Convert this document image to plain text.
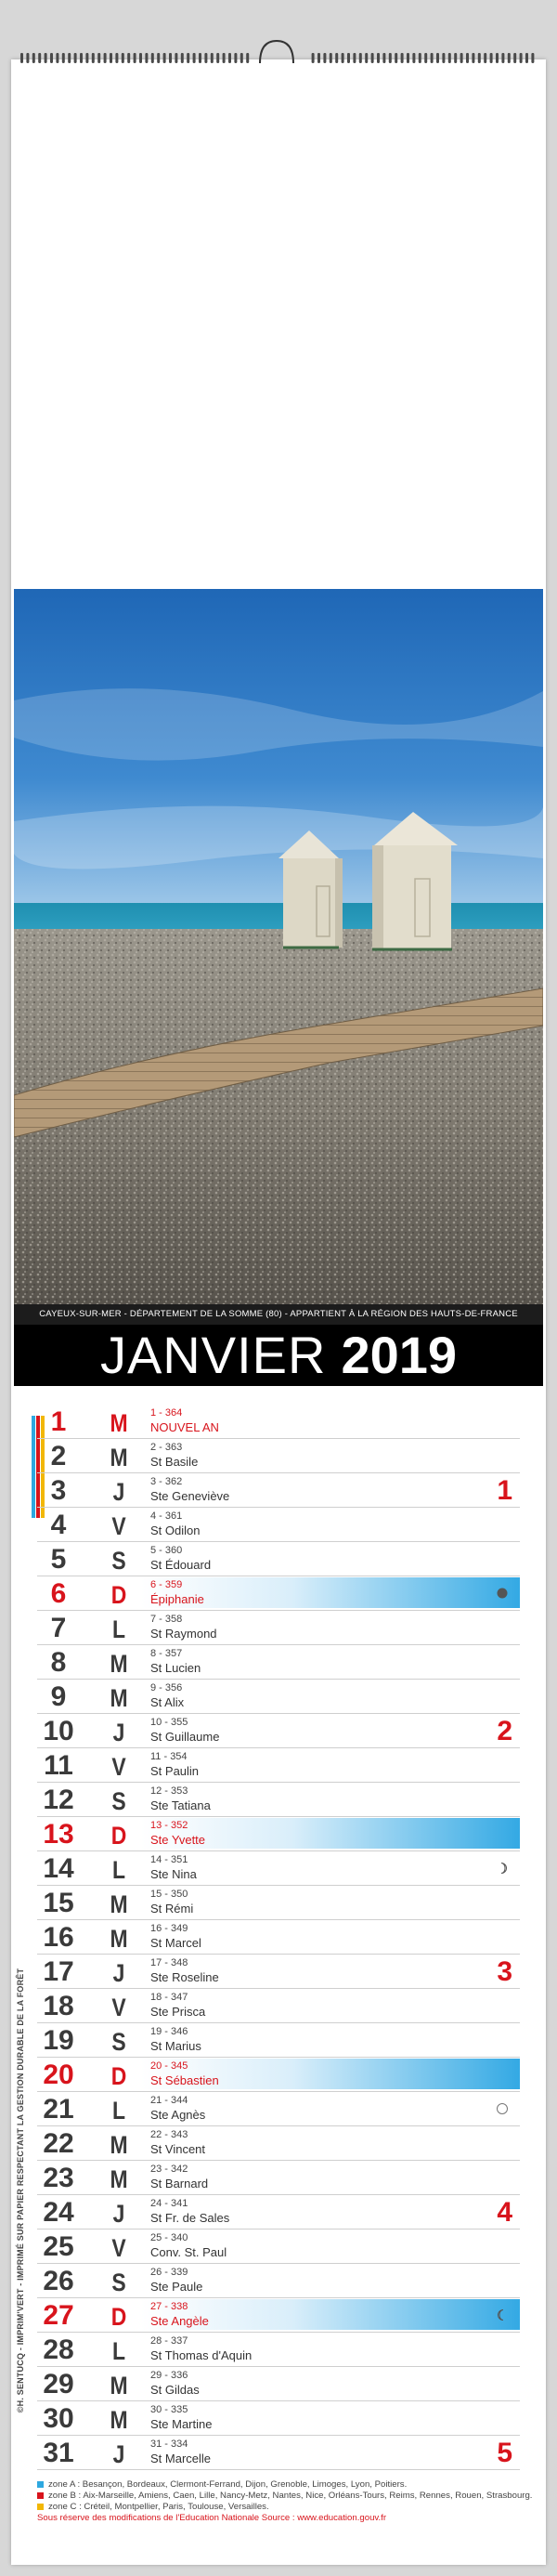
CAYEUX-SUR-MER - DÉPARTEMENT DE LA SOMME (80) - APPARTIENT À LA RÉGION DES HAUTS-DE-FRANCE
JANVIER 2019
1	M	1 - 364
NOUVEL AN
2	M	2 - 363
St Basile
3	J	3 - 362
Ste Geneviève	1
4	V	4 - 361
St Odilon
5	S	5 - 360
St Édouard
6	D	6 - 359
Épiphanie
7	L	7 - 358
St Raymond
8	M	8 - 357
St Lucien
9	M	9 - 356
St Alix
10 J	10 - 355
St Guillaume	2
11 V	11 - 354
St Paulin
12 S	12 - 353
Ste Tatiana
13 D	13 - 352
Ste Yvette
14 L	14 - 351
Ste Nina
15 M	15 - 350
St Rémi
16 M	16 - 349
St Marcel
17 J	17 - 348
Ste Roseline	3
18 V	18 - 347
Ste Prisca
19 S	19 - 346
St Marius
20 D	20 - 345
St Sébastien
21 L	21 - 344
Ste Agnès
22 M	22 - 343
St Vincent
23 M	23 - 342
St Barnard
24 J	24 - 341
St Fr. de Sales	4
25 V	25 - 340
Conv. St. Paul
26 S	26 - 339
Ste Paule
27 D	27 - 338
Ste Angèle
28 L	28 - 337
St Thomas d'Aquin
29 M	29 - 336
St Gildas
30 M	30 - 335
Ste Martine
31 J	31 - 334
St Marcelle	5
©H. SENTUCQ - IMPRIM'VERT - IMPRIMÉ SUR PAPIER RESPECTANT LA GESTION DURABLE DE LA FORÊT
zone A : Besançon, Bordeaux, Clermont-Ferrand, Dijon, Grenoble, Limoges, Lyon, Poitiers.
zone B : Aix-Marseille, Amiens, Caen, Lille, Nancy-Metz, Nantes, Nice, Orléans-Tours, Reims, Rennes, Rouen, Strasbourg.
zone C : Créteil, Montpellier, Paris, Toulouse, Versailles.
Sous réserve des modifications de l'Education Nationale Source : www.education.gouv.fr
